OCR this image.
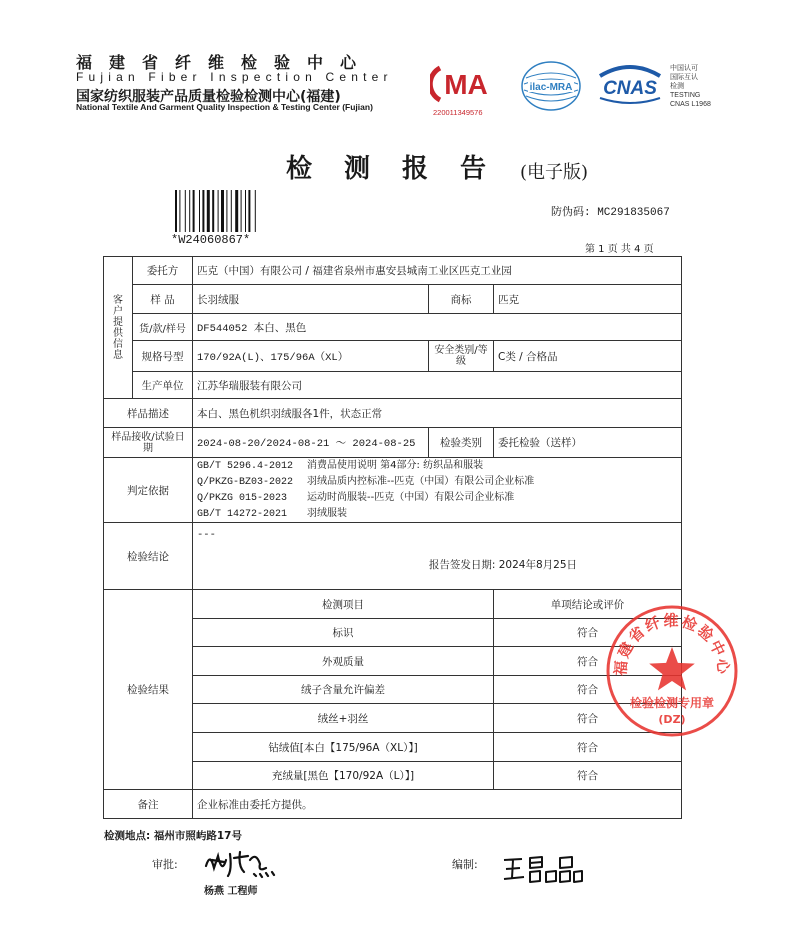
福建省纤维检验中心
Fujian Fiber Inspection Center
国家纺织服装产品质量检验检测中心(福建)
National Textile And Garment Quality Inspection & Testing Center (Fujian)
MA
220011349576
ilac-MRA CNAS
中国认可
国际互认
检测
TESTING
CNAS L1968
检测报告 (电子版)
*W24060867*
防伪码: MC291835067
第 1 页 共 4 页
客户提供信息	委托方	匹克（中国）有限公司 / 福建省泉州市惠安县城南工业区匹克工业园		
	样 品	长羽绒服	商标	匹克
	货/款/样号	DF544052 本白、黑色		
	规格号型	170/92A(L)、175/96A（XL）	安全类别/等级	C类 / 合格品
	生产单位	江苏华瑞服装有限公司		
样品描述		本白、黑色机织羽绒服各1件，状态正常		
样品接收/试验日期		2024-08-20/2024-08-21 ～ 2024-08-25	检验类别	委托检验（送样）
判定依据		GB/T 5296.4-2012 消费品使用说明 第4部分: 纺织品和服装
Q/PKZG-BZ03-2022 羽绒品质内控标准--匹克（中国）有限公司企业标准
Q/PKZG 015-2023 运动时尚服装--匹克（中国）有限公司企业标准
GB/T 14272-2021 羽绒服装		

检验结论		---
报告签发日期: 2024年8月25日		

检验结果		检测项目		单项结论或评价
		标识		符合
		外观质量		符合
		绒子含量允许偏差		符合
		绒丝+羽丝		符合
		钻绒值[本白【175/96A（XL）】]		符合
		充绒量[黑色【170/92A（L）】]		符合
备注		企业标准由委托方提供。		
福建省纤维检验中心
检验检测专用章
(DZ)
检测地点: 福州市照屿路17号
审批:
杨燕 工程师
编制:
